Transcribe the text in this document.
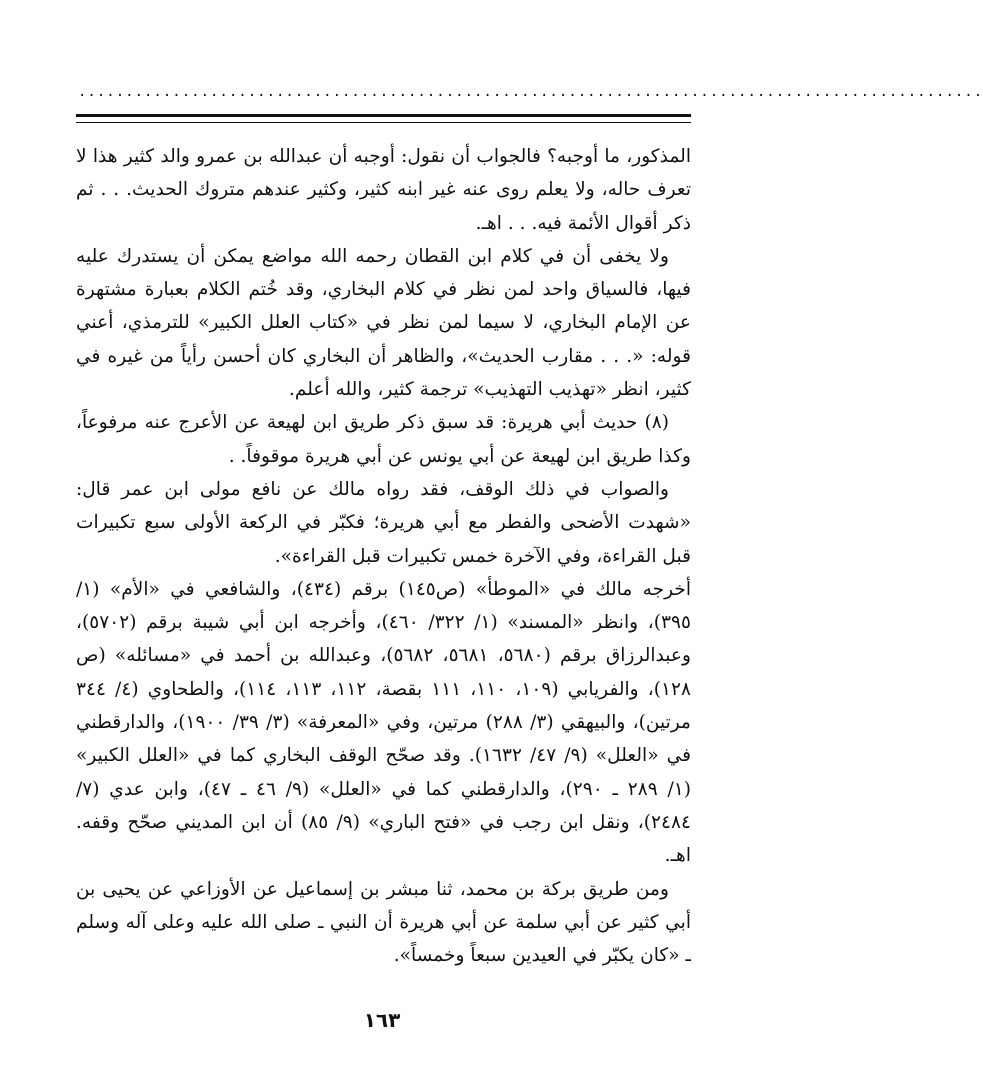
................................................................................................

المذكور، ما أوجبه؟ فالجواب أن نقول: أوجبه أن عبدالله بن عمرو والد كثير هذا لا تعرف حاله، ولا يعلم روى عنه غير ابنه كثير، وكثير عندهم متروك الحديث. . . ثم ذكر أقوال الأئمة فيه. . . اهـ.

ولا يخفى أن في كلام ابن القطان رحمه الله مواضع يمكن أن يستدرك عليه فيها، فالسياق واحد لمن نظر في كلام البخاري، وقد خُتم الكلام بعبارة مشتهرة عن الإمام البخاري، لا سيما لمن نظر في «كتاب العلل الكبير» للترمذي، أعني قوله: «. . . مقارب الحديث»، والظاهر أن البخاري كان أحسن رأياً من غيره في كثير، انظر «تهذيب التهذيب» ترجمة كثير، والله أعلم.

(٨) حديث أبي هريرة: قد سبق ذكر طريق ابن لهيعة عن الأعرج عنه مرفوعاً، وكذا طريق ابن لهيعة عن أبي يونس عن أبي هريرة موقوفاً. .

والصواب في ذلك الوقف، فقد رواه مالك عن نافع مولى ابن عمر قال: «شهدت الأضحى والفطر مع أبي هريرة؛ فكبّر في الركعة الأولى سبع تكبيرات قبل القراءة، وفي الآخرة خمس تكبيرات قبل القراءة».

أخرجه مالك في «الموطأ» (ص١٤٥) برقم (٤٣٤)، والشافعي في «الأم» (١/ ٣٩٥)، وانظر «المسند» (١/ ٣٢٢/ ٤٦٠)، وأخرجه ابن أبي شيبة برقم (٥٧٠٢)، وعبدالرزاق برقم (٥٦٨٠، ٥٦٨١، ٥٦٨٢)، وعبدالله بن أحمد في «مسائله» (ص ١٢٨)، والفريابي (١٠٩، ١١٠، ١١١ بقصة، ١١٢، ١١٣، ١١٤)، والطحاوي (٤/ ٣٤٤ مرتين)، والبيهقي (٣/ ٢٨٨) مرتين، وفي «المعرفة» (٣/ ٣٩/ ١٩٠٠)، والدارقطني في «العلل» (٩/ ٤٧/ ١٦٣٢). وقد صحّح الوقف البخاري كما في «العلل الكبير» (١/ ٢٨٩ ـ ٢٩٠)، والدارقطني كما في «العلل» (٩/ ٤٦ ـ ٤٧)، وابن عدي (٧/ ٢٤٨٤)، ونقل ابن رجب في «فتح الباري» (٩/ ٨٥) أن ابن المديني صحّح وقفه. اهـ.

ومن طريق بركة بن محمد، ثنا مبشر بن إسماعيل عن الأوزاعي عن يحيى بن أبي كثير عن أبي سلمة عن أبي هريرة أن النبي ـ صلى الله عليه وعلى آله وسلم ـ «كان يكبّر في العيدين سبعاً وخمساً».

١٦٣
